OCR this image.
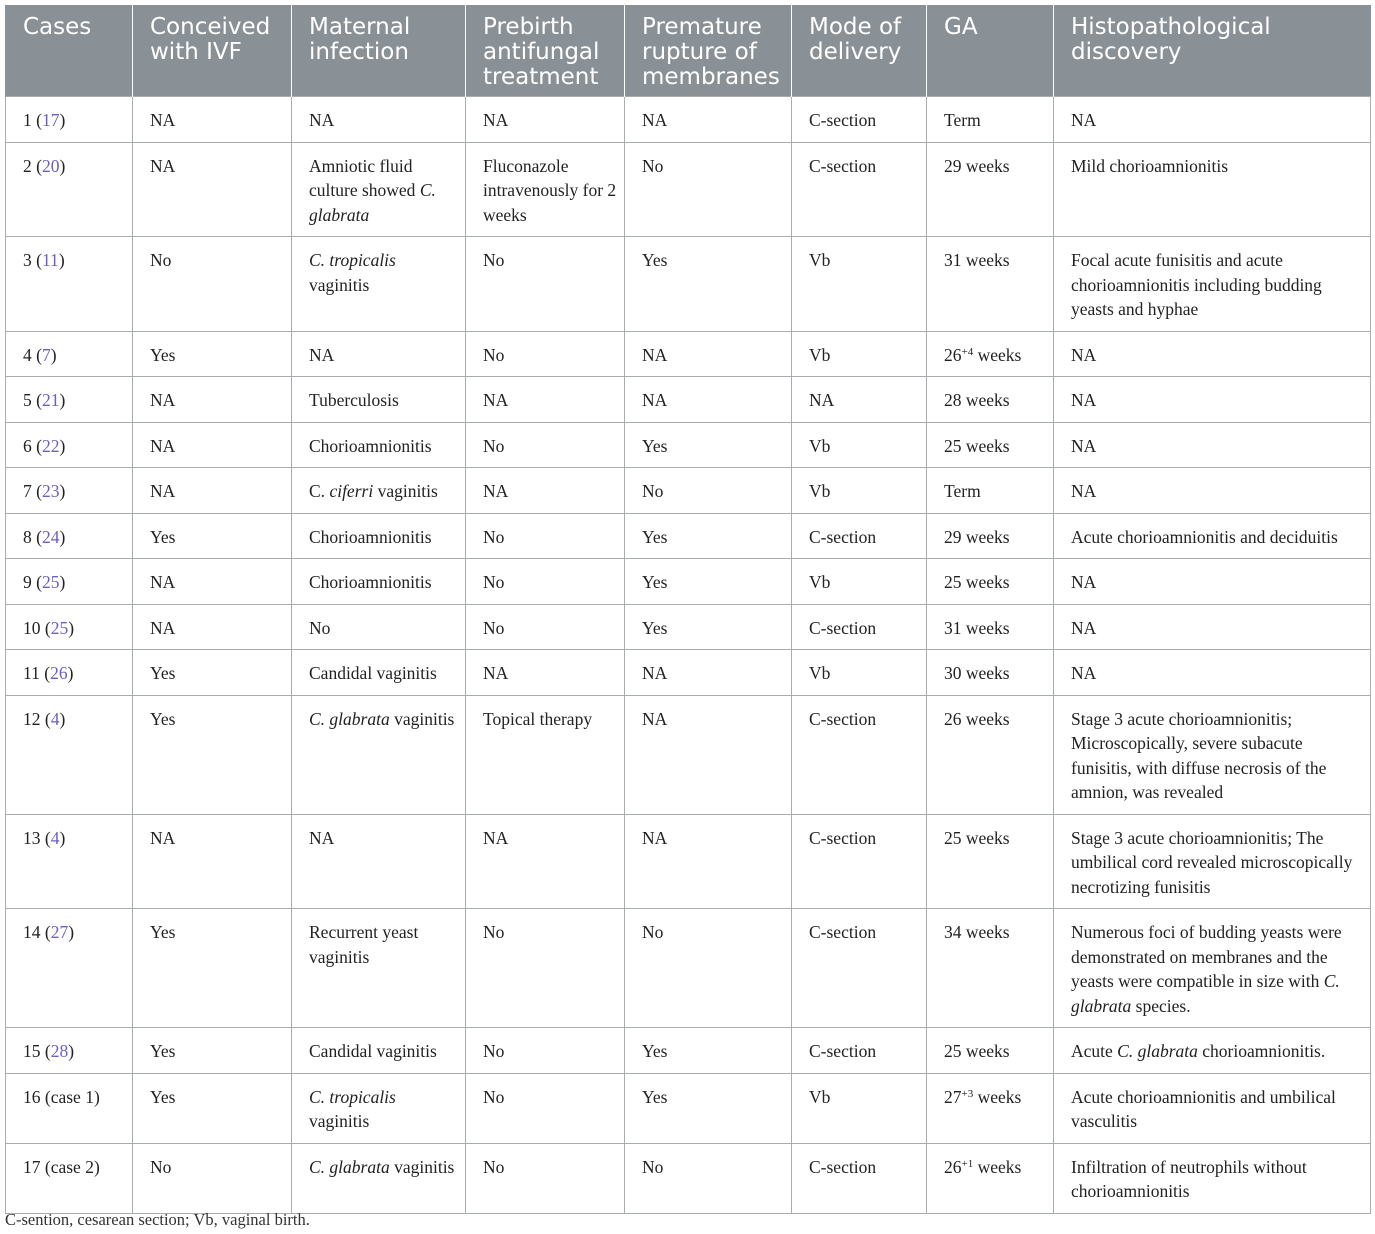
Cases	Conceived with IVF	Maternal infection	Prebirth antifungal treatment	Premature rupture of membranes	Mode of delivery	GA	Histopathological discovery
1 (17)	NA	NA	NA	NA	C-section	Term	NA
2 (20)	NA	Amniotic fluid culture showed C. glabrata	Fluconazole intravenously for 2 weeks	No	C-section	29 weeks	Mild chorioamnionitis
3 (11)	No	C. tropicalis vaginitis	No	Yes	Vb	31 weeks	Focal acute funisitis and acute chorioamnionitis including budding yeasts and hyphae
4 (7)	Yes	NA	No	NA	Vb	$26^{+4}$ weeks	NA
5 (21)	NA	Tuberculosis	NA	NA	NA	28 weeks	NA
6 (22)	NA	Chorioamnionitis	No	Yes	Vb	25 weeks	NA
7 (23)	NA	C. ciferri vaginitis	NA	No	Vb	Term	NA
8 (24)	Yes	Chorioamnionitis	No	Yes	C-section	29 weeks	Acute chorioamnionitis and deciduitis
9 (25)	NA	Chorioamnionitis	No	Yes	Vb	25 weeks	NA
10 (25)	NA	No	No	Yes	C-section	31 weeks	NA
11 (26)	Yes	Candidal vaginitis	NA	NA	Vb	30 weeks	NA
12 (4)	Yes	C. glabrata vaginitis	Topical therapy	NA	C-section	26 weeks	Stage 3 acute chorioamnionitis; Microscopically, severe subacute funisitis, with diffuse necrosis of the amnion, was revealed
13 (4)	NA	NA	NA	NA	C-section	25 weeks	Stage 3 acute chorioamnionitis; The umbilical cord revealed microscopically necrotizing funisitis
14 (27)	Yes	Recurrent yeast vaginitis	No	No	C-section	34 weeks	Numerous foci of budding yeasts were demonstrated on membranes and the yeasts were compatible in size with C. glabrata species.
15 (28)	Yes	Candidal vaginitis	No	Yes	C-section	25 weeks	Acute C. glabrata chorioamnionitis.
16 (case 1)	Yes	C. tropicalis vaginitis	No	Yes	Vb	$27^{+3}$ weeks	Acute chorioamnionitis and umbilical vasculitis
17 (case 2)	No	C. glabrata vaginitis	No	No	C-section	$26^{+1}$ weeks	Infiltration of neutrophils without chorioamnionitis
C-sention, cesarean section; Vb, vaginal birth.
